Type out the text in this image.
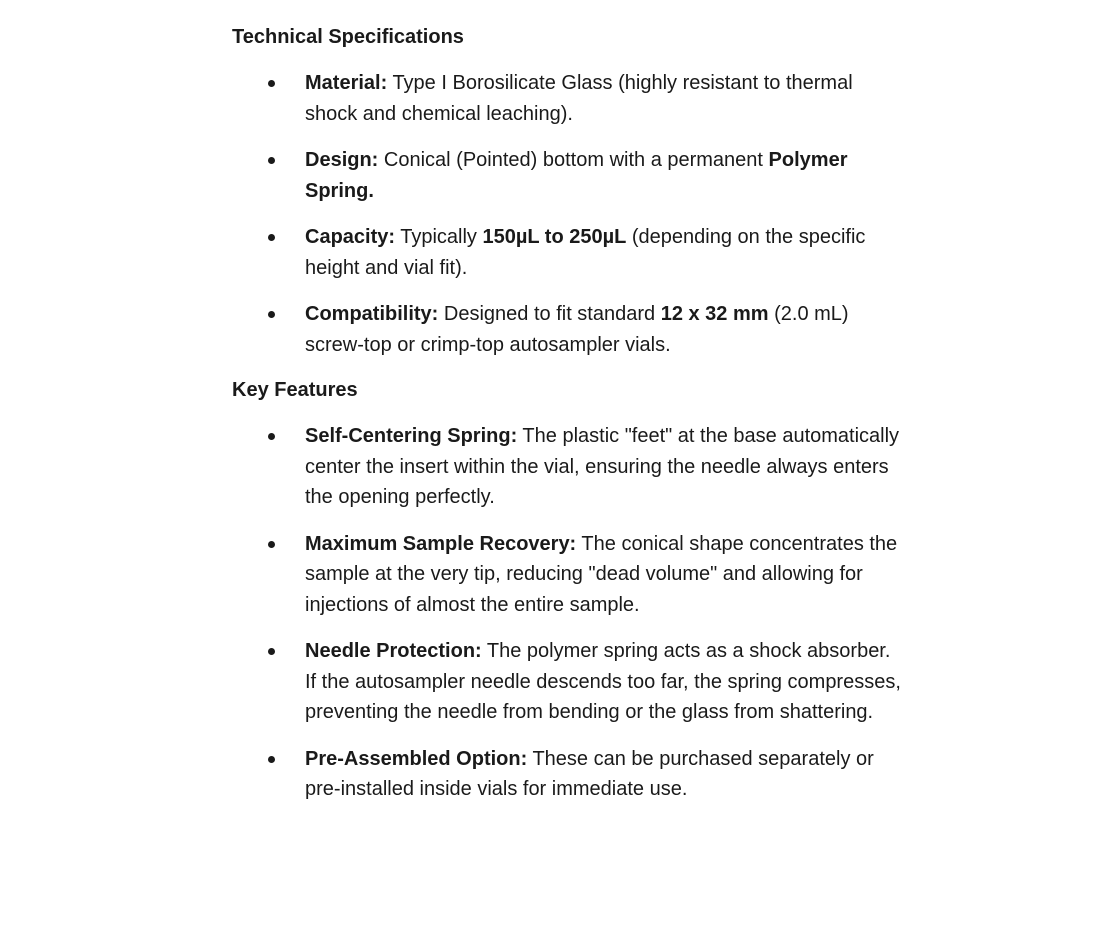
Technical Specifications
Material: Type I Borosilicate Glass (highly resistant to thermal shock and chemical leaching).
Design: Conical (Pointed) bottom with a permanent Polymer Spring.
Capacity: Typically 150µL to 250µL (depending on the specific height and vial fit).
Compatibility: Designed to fit standard 12 x 32 mm (2.0 mL) screw-top or crimp-top autosampler vials.
Key Features
Self-Centering Spring: The plastic "feet" at the base automatically center the insert within the vial, ensuring the needle always enters the opening perfectly.
Maximum Sample Recovery: The conical shape concentrates the sample at the very tip, reducing "dead volume" and allowing for injections of almost the entire sample.
Needle Protection: The polymer spring acts as a shock absorber. If the autosampler needle descends too far, the spring compresses, preventing the needle from bending or the glass from shattering.
Pre-Assembled Option: These can be purchased separately or pre-installed inside vials for immediate use.
